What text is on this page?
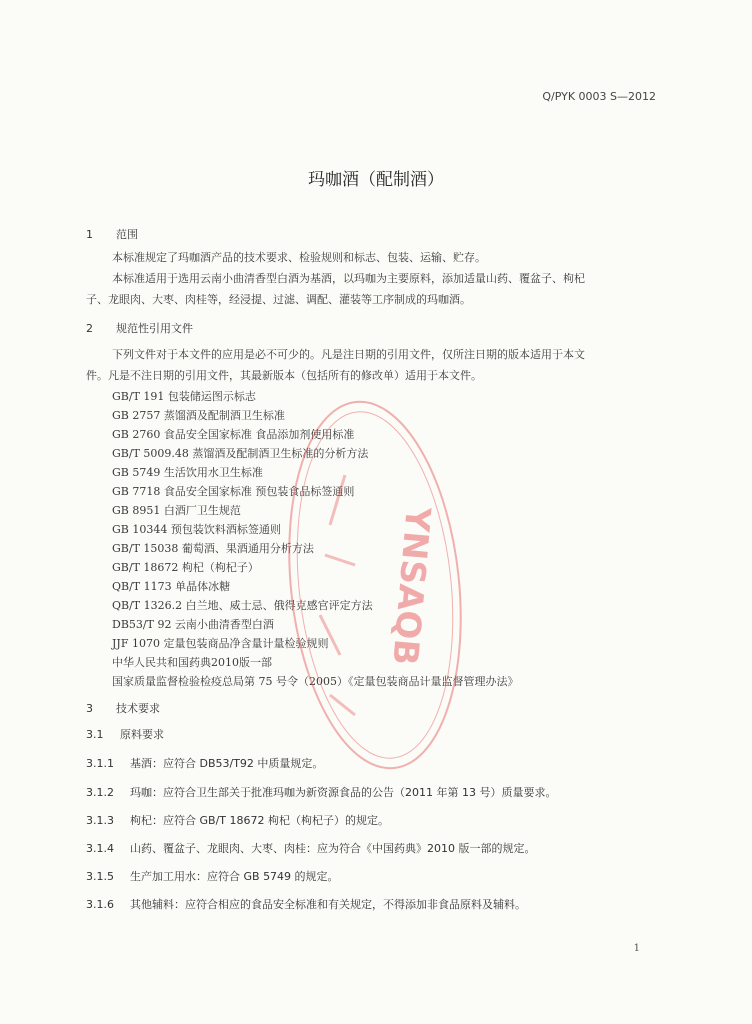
Q/PYK 0003 S—2012
玛咖酒（配制酒）
1 范围
本标准规定了玛咖酒产品的技术要求、检验规则和标志、包装、运输、贮存。
本标准适用于选用云南小曲清香型白酒为基酒，以玛咖为主要原料，添加适量山药、覆盆子、枸杞
子、龙眼肉、大枣、肉桂等，经浸提、过滤、调配、灌装等工序制成的玛咖酒。
2 规范性引用文件
下列文件对于本文件的应用是必不可少的。凡是注日期的引用文件，仅所注日期的版本适用于本文
件。凡是不注日期的引用文件，其最新版本（包括所有的修改单）适用于本文件。
GB/T 191 包装储运图示标志
GB 2757 蒸馏酒及配制酒卫生标准
GB 2760 食品安全国家标准 食品添加剂使用标准
GB/T 5009.48 蒸馏酒及配制酒卫生标准的分析方法
GB 5749 生活饮用水卫生标准
GB 7718 食品安全国家标准 预包装食品标签通则
GB 8951 白酒厂卫生规范
GB 10344 预包装饮料酒标签通则
GB/T 15038 葡萄酒、果酒通用分析方法
GB/T 18672 枸杞（枸杞子）
QB/T 1173 单晶体冰糖
QB/T 1326.2 白兰地、威士忌、俄得克感官评定方法
DB53/T 92 云南小曲清香型白酒
JJF 1070 定量包装商品净含量计量检验规则
中华人民共和国药典2010版一部
国家质量监督检验检疫总局第 75 号令（2005）《定量包装商品计量监督管理办法》
3 技术要求
3.1 原料要求
3.1.1 基酒：应符合 DB53/T92 中质量规定。
3.1.2 玛咖：应符合卫生部关于批准玛咖为新资源食品的公告（2011 年第 13 号）质量要求。
3.1.3 枸杞：应符合 GB/T 18672 枸杞（枸杞子）的规定。
3.1.4 山药、覆盆子、龙眼肉、大枣、肉桂：应为符合《中国药典》2010 版一部的规定。
3.1.5 生产加工用水：应符合 GB 5749 的规定。
3.1.6 其他辅料：应符合相应的食品安全标准和有关规定，不得添加非食品原料及辅料。
1
YNSAQB
